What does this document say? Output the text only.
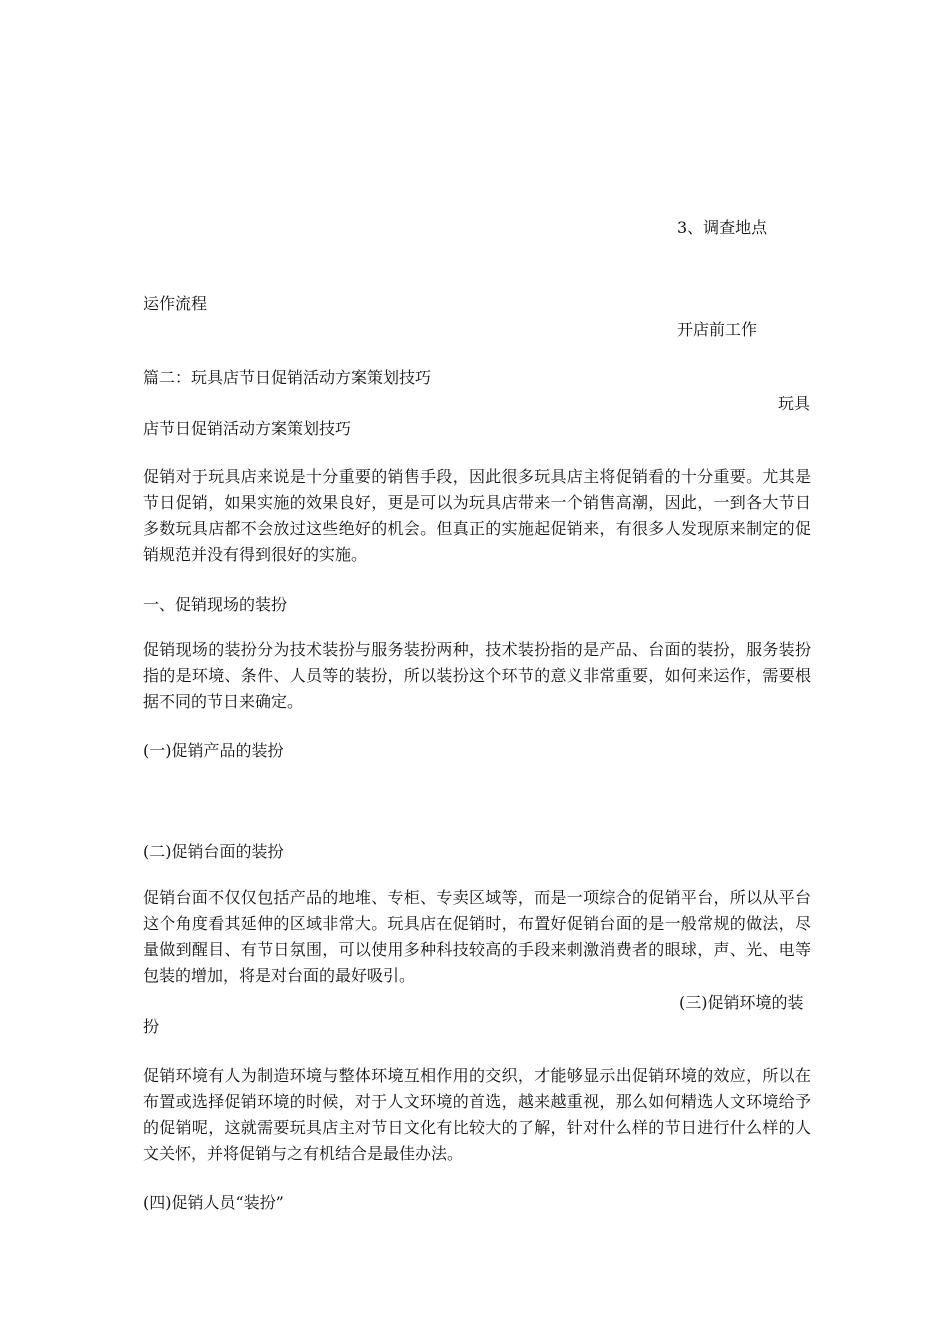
3、调查地点
运作流程
开店前工作
篇二：玩具店节日促销活动方案策划技巧
玩具
店节日促销活动方案策划技巧

促销对于玩具店来说是十分重要的销售手段，因此很多玩具店主将促销看的十分重要。尤其是节日促销，如果实施的效果良好，更是可以为玩具店带来一个销售高潮，因此，一到各大节日多数玩具店都不会放过这些绝好的机会。但真正的实施起促销来，有很多人发现原来制定的促销规范并没有得到很好的实施。

一、促销现场的装扮

促销现场的装扮分为技术装扮与服务装扮两种，技术装扮指的是产品、台面的装扮，服务装扮指的是环境、条件、人员等的装扮，所以装扮这个环节的意义非常重要，如何来运作，需要根据不同的节日来确定。

(一)促销产品的装扮
(二)促销台面的装扮

促销台面不仅仅包括产品的地堆、专柜、专卖区域等，而是一项综合的促销平台，所以从平台这个角度看其延伸的区域非常大。玩具店在促销时，布置好促销台面的是一般常规的做法，尽量做到醒目、有节日氛围，可以使用多种科技较高的手段来刺激消费者的眼球，声、光、电等包装的增加，将是对台面的最好吸引。

(三)促销环境的装
扮

促销环境有人为制造环境与整体环境互相作用的交织，才能够显示出促销环境的效应，所以在布置或选择促销环境的时候，对于人文环境的首选，越来越重视，那么如何精选人文环境给予的促销呢，这就需要玩具店主对节日文化有比较大的了解，针对什么样的节日进行什么样的人文关怀，并将促销与之有机结合是最佳办法。

(四)促销人员“装扮”
